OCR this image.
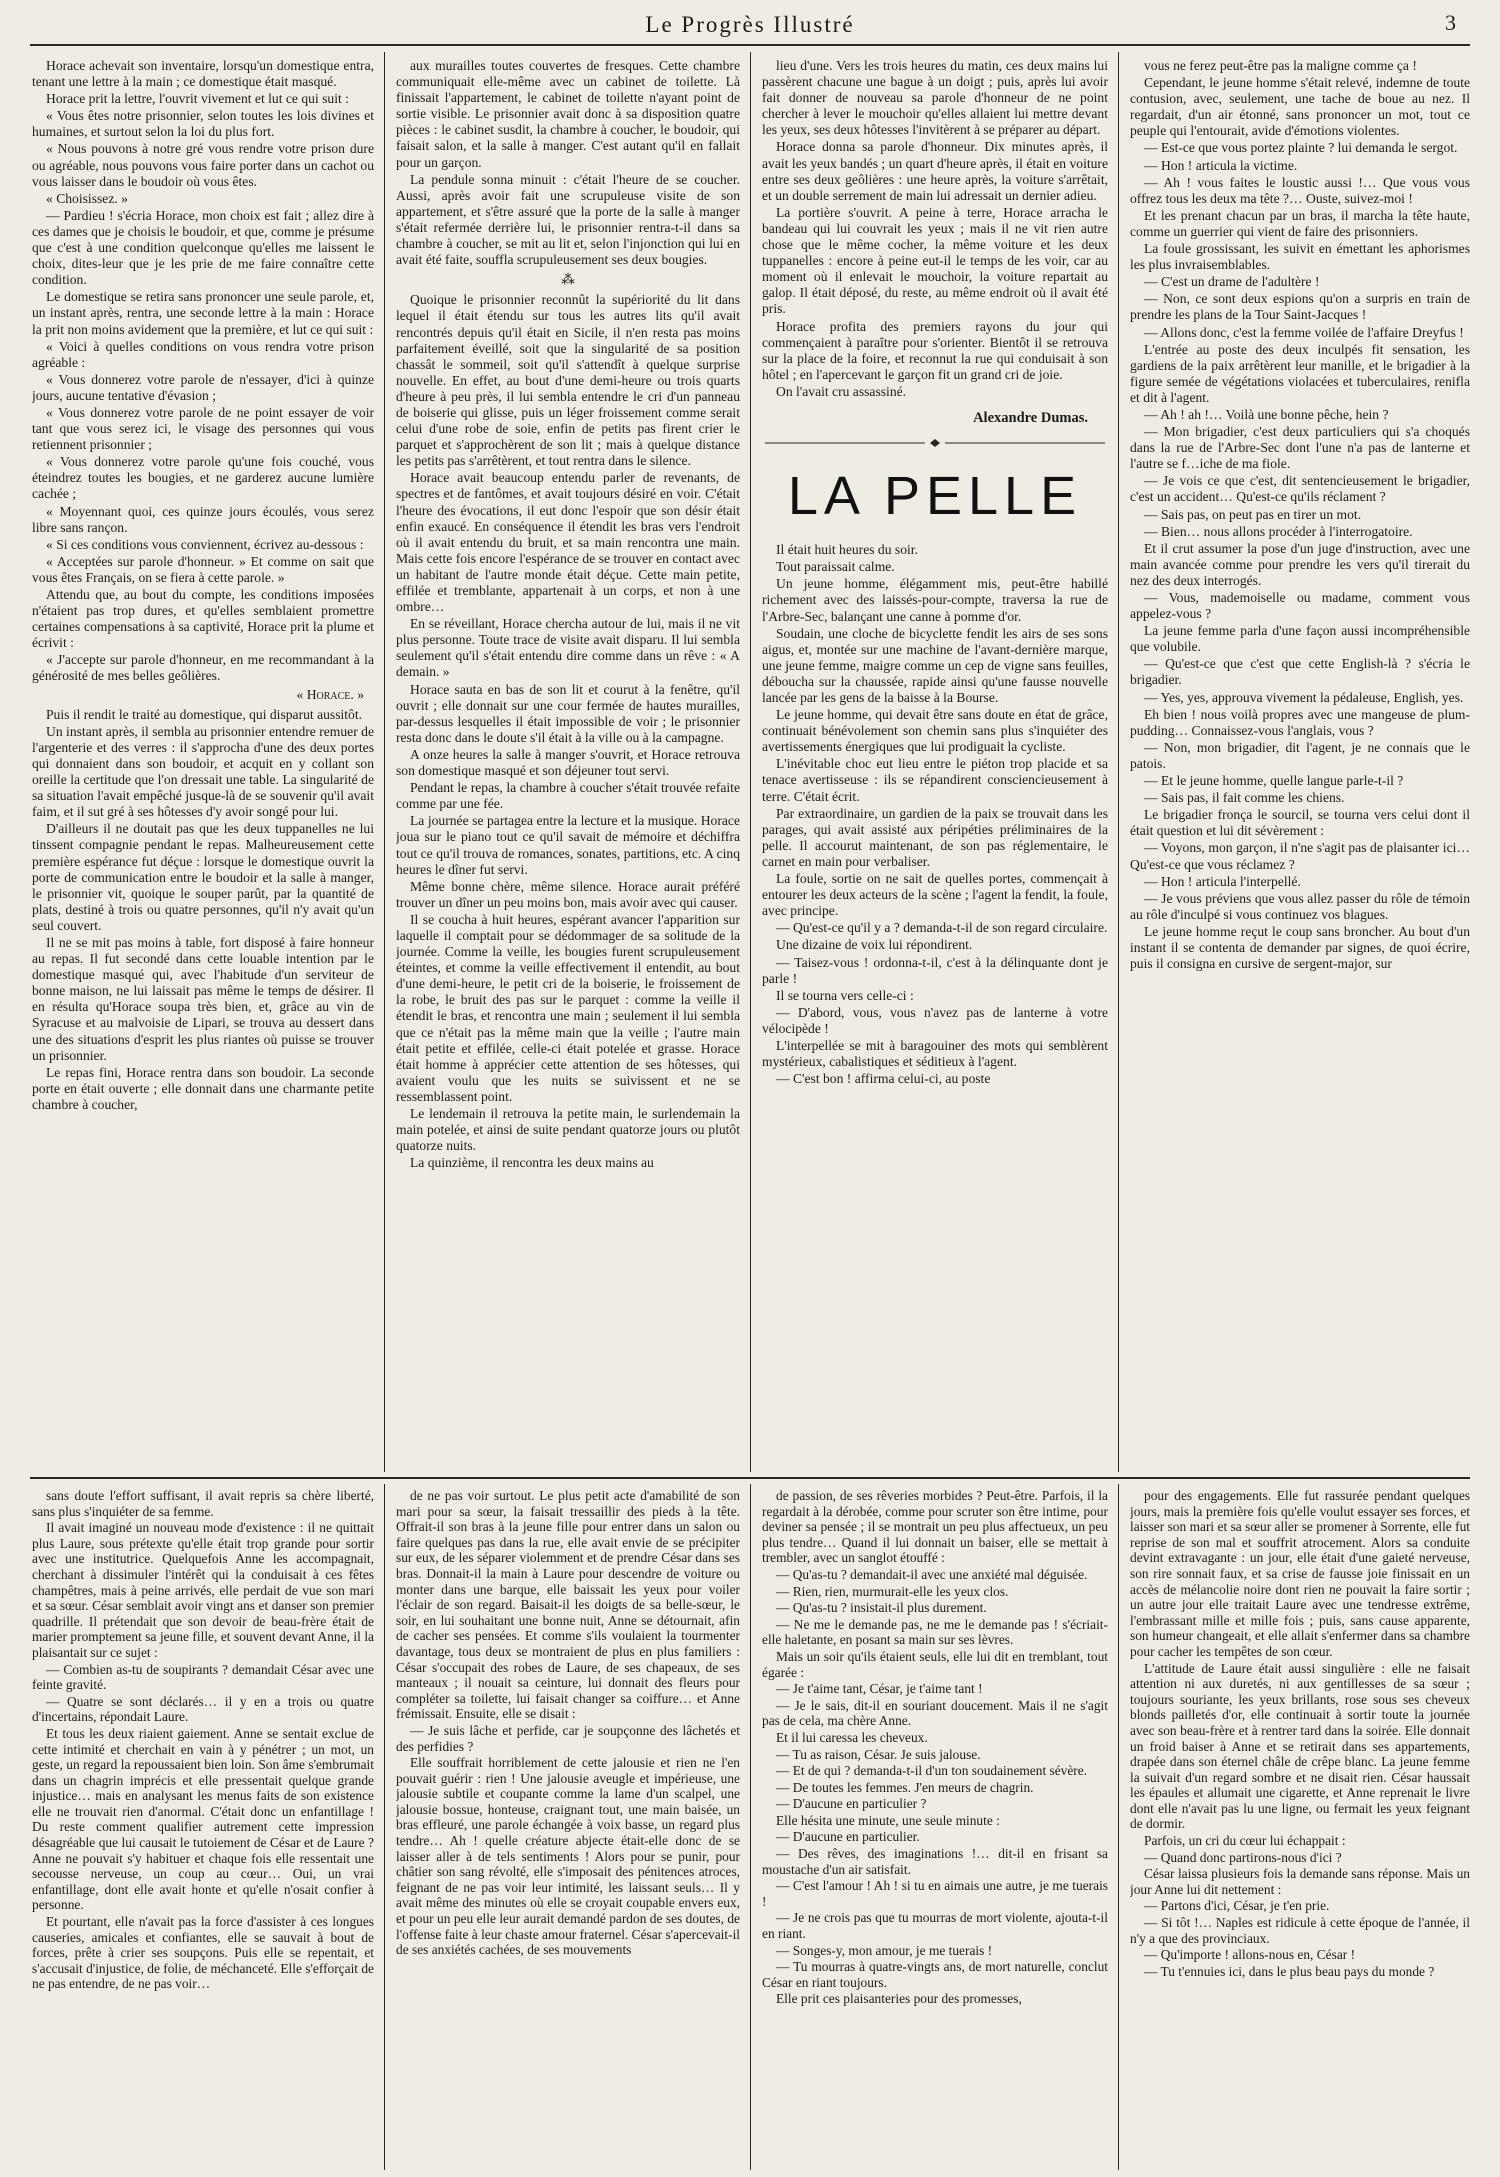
Le Progrès Illustré	3

Horace achevait son inventaire, lorsqu'un domestique entra, tenant une lettre à la main ; ce domestique était masqué.

Horace prit la lettre, l'ouvrit vivement et lut ce qui suit :

« Vous êtes notre prisonnier, selon toutes les lois divines et humaines, et surtout selon la loi du plus fort.

« Nous pouvons à notre gré vous rendre votre prison dure ou agréable, nous pouvons vous faire porter dans un cachot ou vous laisser dans le boudoir où vous êtes.

« Choisissez. »

— Pardieu ! s'écria Horace, mon choix est fait ; allez dire à ces dames que je choisis le boudoir, et que, comme je présume que c'est à une condition quelconque qu'elles me laissent le choix, dites-leur que je les prie de me faire connaître cette condition.

Le domestique se retira sans prononcer une seule parole, et, un instant après, rentra, une seconde lettre à la main : Horace la prit non moins avidement que la première, et lut ce qui suit :

« Voici à quelles conditions on vous rendra votre prison agréable :

« Vous donnerez votre parole de n'essayer, d'ici à quinze jours, aucune tentative d'évasion ;

« Vous donnerez votre parole de ne point essayer de voir tant que vous serez ici, le visage des personnes qui vous retiennent prisonnier ;

« Vous donnerez votre parole qu'une fois couché, vous éteindrez toutes les bougies, et ne garderez aucune lumière cachée ;

« Moyennant quoi, ces quinze jours écoulés, vous serez libre sans rançon.

« Si ces conditions vous conviennent, écrivez au-dessous :

« Acceptées sur parole d'honneur. » Et comme on sait que vous êtes Français, on se fiera à cette parole. »

Attendu que, au bout du compte, les conditions imposées n'étaient pas trop dures, et qu'elles semblaient promettre certaines compensations à sa captivité, Horace prit la plume et écrivit :

« J'accepte sur parole d'honneur, en me recommandant à la générosité de mes belles geôlières.

« Horace. »

Puis il rendit le traité au domestique, qui disparut aussitôt.

Un instant après, il sembla au prisonnier entendre remuer de l'argenterie et des verres : il s'approcha d'une des deux portes qui donnaient dans son boudoir, et acquit en y collant son oreille la certitude que l'on dressait une table. La singularité de sa situation l'avait empêché jusque-là de se souvenir qu'il avait faim, et il sut gré à ses hôtesses d'y avoir songé pour lui.

D'ailleurs il ne doutait pas que les deux tuppanelles ne lui tinssent compagnie pendant le repas. Malheureusement cette première espérance fut déçue : lorsque le domestique ouvrit la porte de communication entre le boudoir et la salle à manger, le prisonnier vit, quoique le souper parût, par la quantité de plats, destiné à trois ou quatre personnes, qu'il n'y avait qu'un seul couvert.

Il ne se mit pas moins à table, fort disposé à faire honneur au repas. Il fut secondé dans cette louable intention par le domestique masqué qui, avec l'habitude d'un serviteur de bonne maison, ne lui laissait pas même le temps de désirer. Il en résulta qu'Horace soupa très bien, et, grâce au vin de Syracuse et au malvoisie de Lipari, se trouva au dessert dans une des situations d'esprit les plus riantes où puisse se trouver un prisonnier.

Le repas fini, Horace rentra dans son boudoir. La seconde porte en était ouverte ; elle donnait dans une charmante petite chambre à coucher,

aux murailles toutes couvertes de fresques. Cette chambre communiquait elle-même avec un cabinet de toilette. Là finissait l'appartement, le cabinet de toilette n'ayant point de sortie visible. Le prisonnier avait donc à sa disposition quatre pièces : le cabinet susdit, la chambre à coucher, le boudoir, qui faisait salon, et la salle à manger. C'est autant qu'il en fallait pour un garçon.

La pendule sonna minuit : c'était l'heure de se coucher. Aussi, après avoir fait une scrupuleuse visite de son appartement, et s'être assuré que la porte de la salle à manger s'était refermée derrière lui, le prisonnier rentra-t-il dans sa chambre à coucher, se mit au lit et, selon l'injonction qui lui en avait été faite, souffla scrupuleusement ses deux bougies.

⁂

Quoique le prisonnier reconnût la supériorité du lit dans lequel il était étendu sur tous les autres lits qu'il avait rencontrés depuis qu'il était en Sicile, il n'en resta pas moins parfaitement éveillé, soit que la singularité de sa position chassât le sommeil, soit qu'il s'attendît à quelque surprise nouvelle. En effet, au bout d'une demi-heure ou trois quarts d'heure à peu près, il lui sembla entendre le cri d'un panneau de boiserie qui glisse, puis un léger froissement comme serait celui d'une robe de soie, enfin de petits pas firent crier le parquet et s'approchèrent de son lit ; mais à quelque distance les petits pas s'arrêtèrent, et tout rentra dans le silence.

Horace avait beaucoup entendu parler de revenants, de spectres et de fantômes, et avait toujours désiré en voir. C'était l'heure des évocations, il eut donc l'espoir que son désir était enfin exaucé. En conséquence il étendit les bras vers l'endroit où il avait entendu du bruit, et sa main rencontra une main. Mais cette fois encore l'espérance de se trouver en contact avec un habitant de l'autre monde était déçue. Cette main petite, effilée et tremblante, appartenait à un corps, et non à une ombre…

En se réveillant, Horace chercha autour de lui, mais il ne vit plus personne. Toute trace de visite avait disparu. Il lui sembla seulement qu'il s'était entendu dire comme dans un rêve : « A demain. »

Horace sauta en bas de son lit et courut à la fenêtre, qu'il ouvrit ; elle donnait sur une cour fermée de hautes murailles, par-dessus lesquelles il était impossible de voir ; le prisonnier resta donc dans le doute s'il était à la ville ou à la campagne.

A onze heures la salle à manger s'ouvrit, et Horace retrouva son domestique masqué et son déjeuner tout servi.

Pendant le repas, la chambre à coucher s'était trouvée refaite comme par une fée.

La journée se partagea entre la lecture et la musique. Horace joua sur le piano tout ce qu'il savait de mémoire et déchiffra tout ce qu'il trouva de romances, sonates, partitions, etc. A cinq heures le dîner fut servi.

Même bonne chère, même silence. Horace aurait préféré trouver un dîner un peu moins bon, mais avoir avec qui causer.

Il se coucha à huit heures, espérant avancer l'apparition sur laquelle il comptait pour se dédommager de sa solitude de la journée. Comme la veille, les bougies furent scrupuleusement éteintes, et comme la veille effectivement il entendit, au bout d'une demi-heure, le petit cri de la boiserie, le froissement de la robe, le bruit des pas sur le parquet : comme la veille il étendit le bras, et rencontra une main ; seulement il lui sembla que ce n'était pas la même main que la veille ; l'autre main était petite et effilée, celle-ci était potelée et grasse. Horace était homme à apprécier cette attention de ses hôtesses, qui avaient voulu que les nuits se suivissent et ne se ressemblassent point.

Le lendemain il retrouva la petite main, le surlendemain la main potelée, et ainsi de suite pendant quatorze jours ou plutôt quatorze nuits.

La quinzième, il rencontra les deux mains au

lieu d'une. Vers les trois heures du matin, ces deux mains lui passèrent chacune une bague à un doigt ; puis, après lui avoir fait donner de nouveau sa parole d'honneur de ne point chercher à lever le mouchoir qu'elles allaient lui mettre devant les yeux, ses deux hôtesses l'invitèrent à se préparer au départ.

Horace donna sa parole d'honneur. Dix minutes après, il avait les yeux bandés ; un quart d'heure après, il était en voiture entre ses deux geôlières : une heure après, la voiture s'arrêtait, et un double serrement de main lui adressait un dernier adieu.

La portière s'ouvrit. A peine à terre, Horace arracha le bandeau qui lui couvrait les yeux ; mais il ne vit rien autre chose que le même cocher, la même voiture et les deux tuppanelles : encore à peine eut-il le temps de les voir, car au moment où il enlevait le mouchoir, la voiture repartait au galop. Il était déposé, du reste, au même endroit où il avait été pris.

Horace profita des premiers rayons du jour qui commençaient à paraître pour s'orienter. Bientôt il se retrouva sur la place de la foire, et reconnut la rue qui conduisait à son hôtel ; en l'apercevant le garçon fit un grand cri de joie.

On l'avait cru assassiné.

Alexandre Dumas.

LA PELLE

Il était huit heures du soir.

Tout paraissait calme.

Un jeune homme, élégamment mis, peut-être habillé richement avec des laissés-pour-compte, traversa la rue de l'Arbre-Sec, balançant une canne à pomme d'or.

Soudain, une cloche de bicyclette fendit les airs de ses sons aigus, et, montée sur une machine de l'avant-dernière marque, une jeune femme, maigre comme un cep de vigne sans feuilles, déboucha sur la chaussée, rapide ainsi qu'une fausse nouvelle lancée par les gens de la baisse à la Bourse.

Le jeune homme, qui devait être sans doute en état de grâce, continuait bénévolement son chemin sans plus s'inquiéter des avertissements énergiques que lui prodiguait la cycliste.

L'inévitable choc eut lieu entre le piéton trop placide et sa tenace avertisseuse : ils se répandirent consciencieusement à terre. C'était écrit.

Par extraordinaire, un gardien de la paix se trouvait dans les parages, qui avait assisté aux péripéties préliminaires de la pelle. Il accourut maintenant, de son pas réglementaire, le carnet en main pour verbaliser.

La foule, sortie on ne sait de quelles portes, commençait à entourer les deux acteurs de la scène ; l'agent la fendit, la foule, avec principe.

— Qu'est-ce qu'il y a ? demanda-t-il de son regard circulaire.

Une dizaine de voix lui répondirent.

— Taisez-vous ! ordonna-t-il, c'est à la délinquante dont je parle !

Il se tourna vers celle-ci :

— D'abord, vous, vous n'avez pas de lanterne à votre vélocipède !

L'interpellée se mit à baragouiner des mots qui semblèrent mystérieux, cabalistiques et séditieux à l'agent.

— C'est bon ! affirma celui-ci, au poste

vous ne ferez peut-être pas la maligne comme ça !

Cependant, le jeune homme s'était relevé, indemne de toute contusion, avec, seulement, une tache de boue au nez. Il regardait, d'un air étonné, sans prononcer un mot, tout ce peuple qui l'entourait, avide d'émotions violentes.

— Est-ce que vous portez plainte ? lui demanda le sergot.

— Hon ! articula la victime.

— Ah ! vous faites le loustic aussi !… Que vous vous offrez tous les deux ma tête ?… Ouste, suivez-moi !

Et les prenant chacun par un bras, il marcha la tête haute, comme un guerrier qui vient de faire des prisonniers.

La foule grossissant, les suivit en émettant les aphorismes les plus invraisemblables.

— C'est un drame de l'adultère !

— Non, ce sont deux espions qu'on a surpris en train de prendre les plans de la Tour Saint-Jacques !

— Allons donc, c'est la femme voilée de l'affaire Dreyfus !

L'entrée au poste des deux inculpés fit sensation, les gardiens de la paix arrêtèrent leur manille, et le brigadier à la figure semée de végétations violacées et tuberculaires, renifla et dit à l'agent.

— Ah ! ah !… Voilà une bonne pêche, hein ?

— Mon brigadier, c'est deux particuliers qui s'a choqués dans la rue de l'Arbre-Sec dont l'une n'a pas de lanterne et l'autre se f…iche de ma fiole.

— Je vois ce que c'est, dit sentencieusement le brigadier, c'est un accident… Qu'est-ce qu'ils réclament ?

— Sais pas, on peut pas en tirer un mot.

— Bien… nous allons procéder à l'interrogatoire.

Et il crut assumer la pose d'un juge d'instruction, avec une main avancée comme pour prendre les vers qu'il tirerait du nez des deux interrogés.

— Vous, mademoiselle ou madame, comment vous appelez-vous ?

La jeune femme parla d'une façon aussi incompréhensible que volubile.

— Qu'est-ce que c'est que cette English-là ? s'écria le brigadier.

— Yes, yes, approuva vivement la pédaleuse, English, yes.

Eh bien ! nous voilà propres avec une mangeuse de plum-pudding… Connaissez-vous l'anglais, vous ?

— Non, mon brigadier, dit l'agent, je ne connais que le patois.

— Et le jeune homme, quelle langue parle-t-il ?

— Sais pas, il fait comme les chiens.

Le brigadier fronça le sourcil, se tourna vers celui dont il était question et lui dit sévèrement :

— Voyons, mon garçon, il n'ne s'agit pas de plaisanter ici… Qu'est-ce que vous réclamez ?

— Hon ! articula l'interpellé.

— Je vous préviens que vous allez passer du rôle de témoin au rôle d'inculpé si vous continuez vos blagues.

Le jeune homme reçut le coup sans broncher. Au bout d'un instant il se contenta de demander par signes, de quoi écrire, puis il consigna en cursive de sergent-major, sur

sans doute l'effort suffisant, il avait repris sa chère liberté, sans plus s'inquiéter de sa femme.

Il avait imaginé un nouveau mode d'existence : il ne quittait plus Laure, sous prétexte qu'elle était trop grande pour sortir avec une institutrice. Quelquefois Anne les accompagnait, cherchant à dissimuler l'intérêt qui la conduisait à ces fêtes champêtres, mais à peine arrivés, elle perdait de vue son mari et sa sœur. César semblait avoir vingt ans et danser son premier quadrille. Il prétendait que son devoir de beau-frère était de marier promptement sa jeune fille, et souvent devant Anne, il la plaisantait sur ce sujet :

— Combien as-tu de soupirants ? demandait César avec une feinte gravité.

— Quatre se sont déclarés… il y en a trois ou quatre d'incertains, répondait Laure.

Et tous les deux riaient gaiement. Anne se sentait exclue de cette intimité et cherchait en vain à y pénétrer ; un mot, un geste, un regard la repoussaient bien loin. Son âme s'embrumait dans un chagrin imprécis et elle pressentait quelque grande injustice… mais en analysant les menus faits de son existence elle ne trouvait rien d'anormal. C'était donc un enfantillage ! Du reste comment qualifier autrement cette impression désagréable que lui causait le tutoiement de César et de Laure ? Anne ne pouvait s'y habituer et chaque fois elle ressentait une secousse nerveuse, un coup au cœur… Oui, un vrai enfantillage, dont elle avait honte et qu'elle n'osait confier à personne.

Et pourtant, elle n'avait pas la force d'assister à ces longues causeries, amicales et confiantes, elle se sauvait à bout de forces, prête à crier ses soupçons. Puis elle se repentait, et s'accusait d'injustice, de folie, de méchanceté. Elle s'efforçait de ne pas entendre, de ne pas voir…

de ne pas voir surtout. Le plus petit acte d'amabilité de son mari pour sa sœur, la faisait tressaillir des pieds à la tête. Offrait-il son bras à la jeune fille pour entrer dans un salon ou faire quelques pas dans la rue, elle avait envie de se précipiter sur eux, de les séparer violemment et de prendre César dans ses bras. Donnait-il la main à Laure pour descendre de voiture ou monter dans une barque, elle baissait les yeux pour voiler l'éclair de son regard. Baisait-il les doigts de sa belle-sœur, le soir, en lui souhaitant une bonne nuit, Anne se détournait, afin de cacher ses pensées. Et comme s'ils voulaient la tourmenter davantage, tous deux se montraient de plus en plus familiers : César s'occupait des robes de Laure, de ses chapeaux, de ses manteaux ; il nouait sa ceinture, lui donnait des fleurs pour compléter sa toilette, lui faisait changer sa coiffure… et Anne frémissait. Ensuite, elle se disait :

— Je suis lâche et perfide, car je soupçonne des lâchetés et des perfidies ?

Elle souffrait horriblement de cette jalousie et rien ne l'en pouvait guérir : rien ! Une jalousie aveugle et impérieuse, une jalousie subtile et coupante comme la lame d'un scalpel, une jalousie bossue, honteuse, craignant tout, une main baisée, un bras effleuré, une parole échangée à voix basse, un regard plus tendre… Ah ! quelle créature abjecte était-elle donc de se laisser aller à de tels sentiments ! Alors pour se punir, pour châtier son sang révolté, elle s'imposait des pénitences atroces, feignant de ne pas voir leur intimité, les laissant seuls… Il y avait même des minutes où elle se croyait coupable envers eux, et pour un peu elle leur aurait demandé pardon de ses doutes, de l'offense faite à leur chaste amour fraternel. César s'apercevait-il de ses anxiétés cachées, de ses mouvements

de passion, de ses rêveries morbides ? Peut-être. Parfois, il la regardait à la dérobée, comme pour scruter son être intime, pour deviner sa pensée ; il se montrait un peu plus affectueux, un peu plus tendre… Quand il lui donnait un baiser, elle se mettait à trembler, avec un sanglot étouffé :

— Qu'as-tu ? demandait-il avec une anxiété mal déguisée.

— Rien, rien, murmurait-elle les yeux clos.

— Qu'as-tu ? insistait-il plus durement.

— Ne me le demande pas, ne me le demande pas ! s'écriait-elle haletante, en posant sa main sur ses lèvres.

Mais un soir qu'ils étaient seuls, elle lui dit en tremblant, tout égarée :

— Je t'aime tant, César, je t'aime tant !

— Je le sais, dit-il en souriant doucement. Mais il ne s'agit pas de cela, ma chère Anne.

Et il lui caressa les cheveux.

— Tu as raison, César. Je suis jalouse.

— Et de qui ? demanda-t-il d'un ton soudainement sévère.

— De toutes les femmes. J'en meurs de chagrin.

— D'aucune en particulier ?

Elle hésita une minute, une seule minute :

— D'aucune en particulier.

— Des rêves, des imaginations !… dit-il en frisant sa moustache d'un air satisfait.

— C'est l'amour ! Ah ! si tu en aimais une autre, je me tuerais !

— Je ne crois pas que tu mourras de mort violente, ajouta-t-il en riant.

— Songes-y, mon amour, je me tuerais !

— Tu mourras à quatre-vingts ans, de mort naturelle, conclut César en riant toujours.

Elle prit ces plaisanteries pour des promesses,

pour des engagements. Elle fut rassurée pendant quelques jours, mais la première fois qu'elle voulut essayer ses forces, et laisser son mari et sa sœur aller se promener à Sorrente, elle fut reprise de son mal et souffrit atrocement. Alors sa conduite devint extravagante : un jour, elle était d'une gaieté nerveuse, son rire sonnait faux, et sa crise de fausse joie finissait en un accès de mélancolie noire dont rien ne pouvait la faire sortir ; un autre jour elle traitait Laure avec une tendresse extrême, l'embrassant mille et mille fois ; puis, sans cause apparente, son humeur changeait, et elle allait s'enfermer dans sa chambre pour cacher les tempêtes de son cœur.

L'attitude de Laure était aussi singulière : elle ne faisait attention ni aux duretés, ni aux gentillesses de sa sœur ; toujours souriante, les yeux brillants, rose sous ses cheveux blonds pailletés d'or, elle continuait à sortir toute la journée avec son beau-frère et à rentrer tard dans la soirée. Elle donnait un froid baiser à Anne et se retirait dans ses appartements, drapée dans son éternel châle de crêpe blanc. La jeune femme la suivait d'un regard sombre et ne disait rien. César haussait les épaules et allumait une cigarette, et Anne reprenait le livre dont elle n'avait pas lu une ligne, ou fermait les yeux feignant de dormir.

Parfois, un cri du cœur lui échappait :

— Quand donc partirons-nous d'ici ?

César laissa plusieurs fois la demande sans réponse. Mais un jour Anne lui dit nettement :

— Partons d'ici, César, je t'en prie.

— Si tôt !… Naples est ridicule à cette époque de l'année, il n'y a que des provinciaux.

— Qu'importe ! allons-nous en, César !

— Tu t'ennuies ici, dans le plus beau pays du monde ?
